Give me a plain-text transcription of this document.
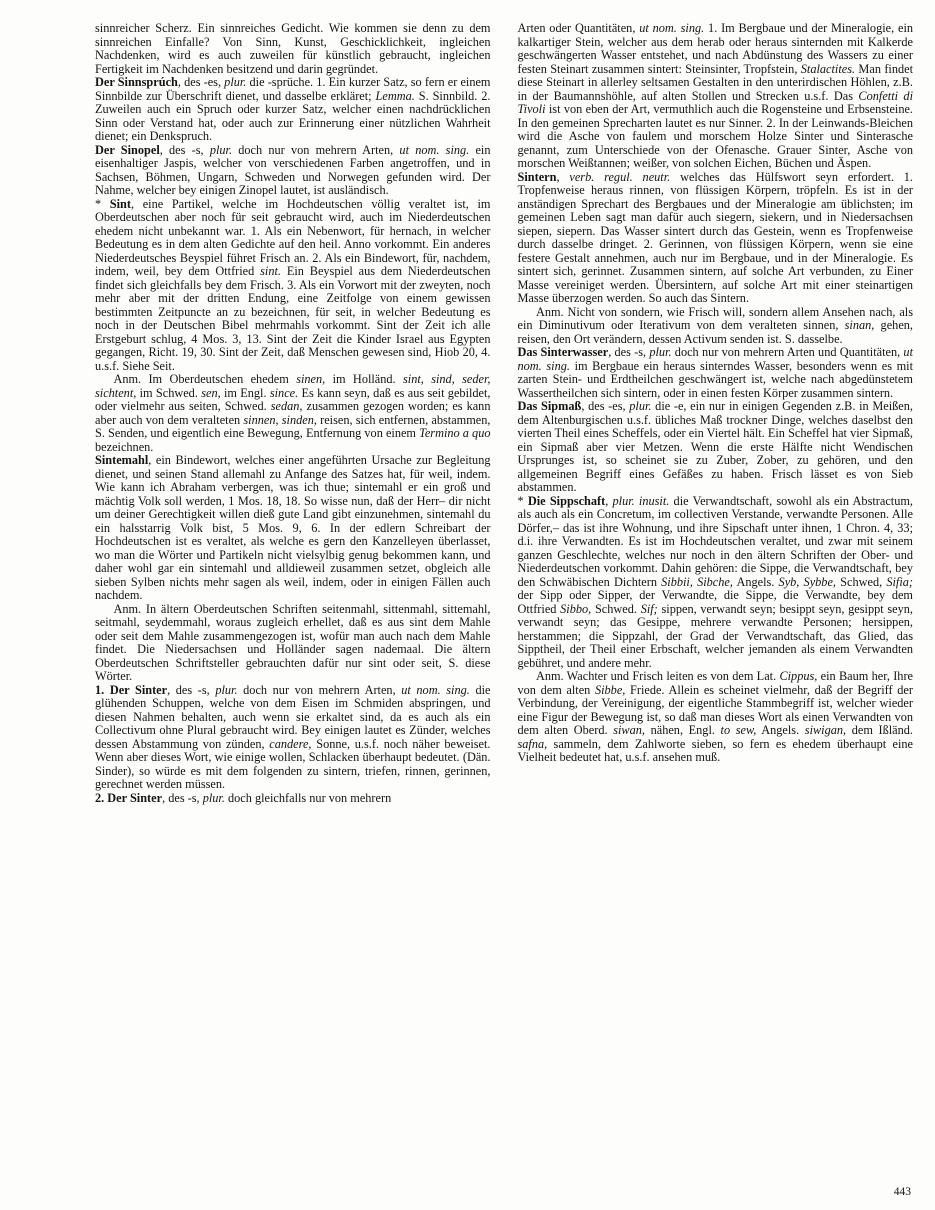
sinnreicher Scherz. Ein sinnreiches Gedicht. Wie kommen sie denn zu dem sinnreichen Einfalle? Von Sinn, Kunst, Geschicklichkeit, ingleichen Nachdenken, wird es auch zuweilen für künstlich gebraucht, ingleichen Fertigkeit im Nachdenken besitzend und darin gegründet.

Der Sinnsprúch, des -es, plur. die -sprüche. 1. Ein kurzer Satz, so fern er einem Sinnbilde zur Überschrift dienet, und dasselbe erkläret; Lemma. S. Sinnbild. 2. Zuweilen auch ein Spruch oder kurzer Satz, welcher einen nachdrücklichen Sinn oder Verstand hat, oder auch zur Erinnerung einer nützlichen Wahrheit dienet; ein Denkspruch.

Der Sinopel, des -s, plur. doch nur von mehrern Arten, ut nom. sing. ein eisenhaltiger Jaspis, welcher von verschiedenen Farben angetroffen, und in Sachsen, Böhmen, Ungarn, Schweden und Norwegen gefunden wird. Der Nahme, welcher bey einigen Zinopel lautet, ist ausländisch.

* Sint, eine Partikel, welche im Hochdeutschen völlig veraltet ist, im Oberdeutschen aber noch für seit gebraucht wird, auch im Niederdeutschen ehedem nicht unbekannt war. 1. Als ein Nebenwort, für hernach, in welcher Bedeutung es in dem alten Gedichte auf den heil. Anno vorkommt. Ein anderes Niederdeutsches Beyspiel führet Frisch an. 2. Als ein Bindewort, für, nachdem, indem, weil, bey dem Ottfried sint. Ein Beyspiel aus dem Niederdeutschen findet sich gleichfalls bey dem Frisch. 3. Als ein Vorwort mit der zweyten, noch mehr aber mit der dritten Endung, eine Zeitfolge von einem gewissen bestimmten Zeitpuncte an zu bezeichnen, für seit, in welcher Bedeutung es noch in der Deutschen Bibel mehrmahls vorkommt. Sint der Zeit ich alle Erstgeburt schlug, 4 Mos. 3, 13. Sint der Zeit die Kinder Israel aus Egypten gegangen, Richt. 19, 30. Sint der Zeit, daß Menschen gewesen sind, Hiob 20, 4. u.s.f. Siehe Seit.

Anm. Im Oberdeutschen ehedem sinen, im Holländ. sint, sind, seder, sichtent, im Schwed. sen, im Engl. since. Es kann seyn, daß es aus seit gebildet, oder vielmehr aus seiten, Schwed. sedan, zusammen gezogen worden; es kann aber auch von dem veralteten sinnen, sinden, reisen, sich entfernen, abstammen, S. Senden, und eigentlich eine Bewegung, Entfernung von einem Termino a quo bezeichnen.

Sintemahl, ein Bindewort, welches einer angeführten Ursache zur Begleitung dienet, und seinen Stand allemahl zu Anfange des Satzes hat, für weil, indem. Wie kann ich Abraham verbergen, was ich thue; sintemahl er ein groß und mächtig Volk soll werden, 1 Mos. 18, 18. So wisse nun, daß der Herr– dir nicht um deiner Gerechtigkeit willen dieß gute Land gibt einzunehmen, sintemahl du ein halsstarrig Volk bist, 5 Mos. 9, 6. In der edlern Schreibart der Hochdeutschen ist es veraltet, als welche es gern den Kanzelleyen überlasset, wo man die Wörter und Partikeln nicht vielsylbig genug bekommen kann, und daher wohl gar ein sintemahl und alldieweil zusammen setzet, obgleich alle sieben Sylben nichts mehr sagen als weil, indem, oder in einigen Fällen auch nachdem.

Anm. In ältern Oberdeutschen Schriften seitenmahl, sittenmahl, sittemahl, seitmahl, seydemmahl, woraus zugleich erhellet, daß es aus sint dem Mahle oder seit dem Mahle zusammengezogen ist, wofür man auch nach dem Mahle findet. Die Niedersachsen und Holländer sagen nademaal. Die ältern Oberdeutschen Schriftsteller gebrauchten dafür nur sint oder seit, S. diese Wörter.

1. Der Sinter, des -s, plur. doch nur von mehrern Arten, ut nom. sing. die glühenden Schuppen, welche von dem Eisen im Schmiden abspringen, und diesen Nahmen behalten, auch wenn sie erkaltet sind, da es auch als ein Collectivum ohne Plural gebraucht wird. Bey einigen lautet es Zünder, welches dessen Abstammung von zünden, candere, Sonne, u.s.f. noch näher beweiset. Wenn aber dieses Wort, wie einige wollen, Schlacken überhaupt bedeutet. (Dän. Sinder), so würde es mit dem folgenden zu sintern, triefen, rinnen, gerinnen, gerechnet werden müssen.

2. Der Sinter, des -s, plur. doch gleichfalls nur von mehrern

Arten oder Quantitäten, ut nom. sing. 1. Im Bergbaue und der Mineralogie, ein kalkartiger Stein, welcher aus dem herab oder heraus sinternden mit Kalkerde geschwängerten Wasser entstehet, und nach Abdünstung des Wassers zu einer festen Steinart zusammen sintert: Steinsinter, Tropfstein, Stalactites. Man findet diese Steinart in allerley seltsamen Gestalten in den unterirdischen Höhlen, z.B. in der Baumannshöhle, auf alten Stollen und Strecken u.s.f. Das Confetti di Tivoli ist von eben der Art, vermuthlich auch die Rogensteine und Erbsensteine. In den gemeinen Sprecharten lautet es nur Sinner. 2. In der Leinwands-Bleichen wird die Asche von faulem und morschem Holze Sinter und Sinterasche genannt, zum Unterschiede von der Ofenasche. Grauer Sinter, Asche von morschen Weißtannen; weißer, von solchen Eichen, Büchen und Äspen.

Sintern, verb. regul. neutr. welches das Hülfswort seyn erfordert. 1. Tropfenweise heraus rinnen, von flüssigen Körpern, tröpfeln. Es ist in der anständigen Sprechart des Bergbaues und der Mineralogie am üblichsten; im gemeinen Leben sagt man dafür auch siegern, siekern, und in Niedersachsen siepen, siepern. Das Wasser sintert durch das Gestein, wenn es Tropfenweise durch dasselbe dringet. 2. Gerinnen, von flüssigen Körpern, wenn sie eine festere Gestalt annehmen, auch nur im Bergbaue, und in der Mineralogie. Es sintert sich, gerinnet. Zusammen sintern, auf solche Art verbunden, zu Einer Masse vereiniget werden. Übersintern, auf solche Art mit einer steinartigen Masse überzogen werden. So auch das Sintern.

Anm. Nicht von sondern, wie Frisch will, sondern allem Ansehen nach, als ein Diminutivum oder Iterativum von dem veralteten sinnen, sinan, gehen, reisen, den Ort verändern, dessen Activum senden ist. S. dasselbe.

Das Sinterwasser, des -s, plur. doch nur von mehrern Arten und Quantitäten, ut nom. sing. im Bergbaue ein heraus sinterndes Wasser, besonders wenn es mit zarten Stein- und Erdtheilchen geschwängert ist, welche nach abgedünstetem Wassertheilchen sich sintern, oder in einen festen Körper zusammen sintern.

Das Sipmaß, des -es, plur. die -e, ein nur in einigen Gegenden z.B. in Meißen, dem Altenburgischen u.s.f. übliches Maß trockner Dinge, welches daselbst den vierten Theil eines Scheffels, oder ein Viertel hält. Ein Scheffel hat vier Sipmaß, ein Sipmaß aber vier Metzen. Wenn die erste Hälfte nicht Wendischen Ursprunges ist, so scheinet sie zu Zuber, Zober, zu gehören, und den allgemeinen Begriff eines Gefäßes zu haben. Frisch lässet es von Sieb abstammen.

* Die Sippschaft, plur. inusit. die Verwandtschaft, sowohl als ein Abstractum, als auch als ein Concretum, im collectiven Verstande, verwandte Personen. Alle Dörfer,– das ist ihre Wohnung, und ihre Sipschaft unter ihnen, 1 Chron. 4, 33; d.i. ihre Verwandten. Es ist im Hochdeutschen veraltet, und zwar mit seinem ganzen Geschlechte, welches nur noch in den ältern Schriften der Ober- und Niederdeutschen vorkommt. Dahin gehören: die Sippe, die Verwandtschaft, bey den Schwäbischen Dichtern Sibbii, Sibche, Angels. Syb, Sybbe, Schwed, Sifia; der Sipp oder Sipper, der Verwandte, die Sippe, die Verwandte, bey dem Ottfried Sibbo, Schwed. Sif; sippen, verwandt seyn; besippt seyn, gesippt seyn, verwandt seyn; das Gesippe, mehrere verwandte Personen; hersippen, herstammen; die Sippzahl, der Grad der Verwandtschaft, das Glied, das Sipptheil, der Theil einer Erbschaft, welcher jemanden als einem Verwandten gebühret, und andere mehr.

Anm. Wachter und Frisch leiten es von dem Lat. Cippus, ein Baum her, Ihre von dem alten Sibbe, Friede. Allein es scheinet vielmehr, daß der Begriff der Verbindung, der Vereinigung, der eigentliche Stammbegriff ist, welcher wieder eine Figur der Bewegung ist, so daß man dieses Wort als einen Verwandten von dem alten Oberd. siwan, nähen, Engl. to sew, Angels. siwigan, dem Ißländ. safna, sammeln, dem Zahlworte sieben, so fern es ehedem überhaupt eine Vielheit bedeutet hat, u.s.f. ansehen muß.

443
